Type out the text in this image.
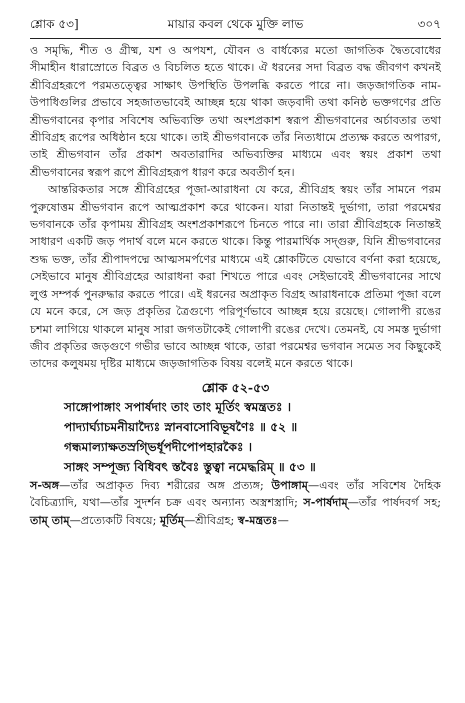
শ্লোক ৫৩]	মায়ার কবল থেকে মুক্তি লাভ	৩০৭

ও সমৃদ্ধি, শীত ও গ্রীষ্ম, যশ ও অপযশ, যৌবন ও বার্ধক্যের মতো জাগতিক দ্বৈতবোধের সীমাহীন ধারাস্রোতে বিব্রত ও বিচলিত হতে থাকে। ঐ ধরনের সদা বিব্রত বদ্ধ জীবগণ কখনই শ্রীবিগ্রহরূপে পরমতত্ত্বের সাক্ষাৎ উপস্থিতি উপলব্ধি করতে পারে না। জড়জাগতিক নাম-উপাধিগুলির প্রভাবে সহজাতভাবেই আচ্ছন্ন হয়ে থাকা জড়বাদী তথা কনিষ্ঠ ভক্তগণের প্রতি শ্রীভগবানের কৃপার সবিশেষ অভিব্যক্তি তথা অংশপ্রকাশ স্বরূপ শ্রীভগবানের অর্চাবতার তথা শ্রীবিগ্রহ রূপের অধিষ্ঠান হয়ে থাকে। তাই শ্রীভগবানকে তাঁর নিত্যধামে প্রত্যক্ষ করতে অপারগ, তাই শ্রীভগবান তাঁর প্রকাশ অবতারাদির অভিব্যক্তির মাধ্যমে এবং স্বয়ং প্রকাশ তথা শ্রীভগবানের স্বরূপ রূপে শ্রীবিগ্রহরূপ ধারণ করে অবতীর্ণ হন।

আন্তরিকতার সঙ্গে শ্রীবিগ্রহের পূজা-আরাধনা যে করে, শ্রীবিগ্রহ স্বয়ং তাঁর সামনে পরম পুরুষোত্তম শ্রীভগবান রূপে আত্মপ্রকাশ করে থাকেন। যারা নিতান্তই দুর্ভাগা, তারা পরমেশ্বর ভগবানকে তাঁর কৃপাময় শ্রীবিগ্রহ অংশপ্রকাশরূপে চিনতে পারে না। তারা শ্রীবিগ্রহকে নিতান্তই সাধারণ একটি জড় পদার্থ বলে মনে করতে থাকে। কিন্তু পারমার্থিক সদ্গুরু, যিনি শ্রীভগবানের শুদ্ধ ভক্ত, তাঁর শ্রীপাদপদ্মে আত্মসমর্পণের মাধ্যমে এই শ্লোকটিতে যেভাবে বর্ণনা করা হয়েছে, সেইভাবে মানুষ শ্রীবিগ্রহের আরাধনা করা শিখতে পারে এবং সেইভাবেই শ্রীভগবানের সাথে লুপ্ত সম্পর্ক পুনরুদ্ধার করতে পারে। এই ধরনের অপ্রাকৃত বিগ্রহ আরাধনাকে প্রতিমা পূজা বলে যে মনে করে, সে জড় প্রকৃতির ত্রৈগুণ্যে পরিপূর্ণভাবে আচ্ছন্ন হয়ে রয়েছে। গোলাপী রঙের চশমা লাগিয়ে থাকলে মানুষ সারা জগতটাকেই গোলাপী রঙের দেখে। তেমনই, যে সমস্ত দুর্ভাগা জীব প্রকৃতির জড়গুণে গভীর ভাবে আচ্ছন্ন থাকে, তারা পরমেশ্বর ভগবান সমেত সব কিছুকেই তাদের কলুষময় দৃষ্টির মাধ্যমে জড়জাগতিক বিষয় বলেই মনে করতে থাকে।

শ্লোক ৫২-৫৩
সাঙ্গোপাঙ্গাং সপার্ষদাং তাং তাং মূর্তিং স্বমন্ত্রতঃ ।
পাদ্যার্ঘ্যাচমনীয়াদ্যৈঃ স্নানবাসোবিভূষণৈঃ ॥ ৫২ ॥
গন্ধমাল্যাক্ষতস্রগ্ভির্ধূপদীপোপহারকৈঃ ।
সাঙ্গং সম্পূজ্য বিধিবৎ স্তবৈঃ স্তুত্বা নমেদ্ধরিম্ ॥ ৫৩ ॥

স-অঙ্গ—তাঁর অপ্রাকৃত দিব্য শরীরের অঙ্গ প্রত্যঙ্গ; উপাঙ্গাম্—এবং তাঁর সবিশেষ দৈহিক বৈচিত্র্যাদি, যথা—তাঁর সুদর্শন চক্র এবং অন্যান্য অস্ত্রশস্ত্রাদি; স-পার্ষদাম্—তাঁর পার্ষদবর্গ সহ; তাম্ তাম্—প্রত্যেকটি বিষয়ে; মূর্তিম্—শ্রীবিগ্রহ; স্ব-মন্ত্রতঃ—
